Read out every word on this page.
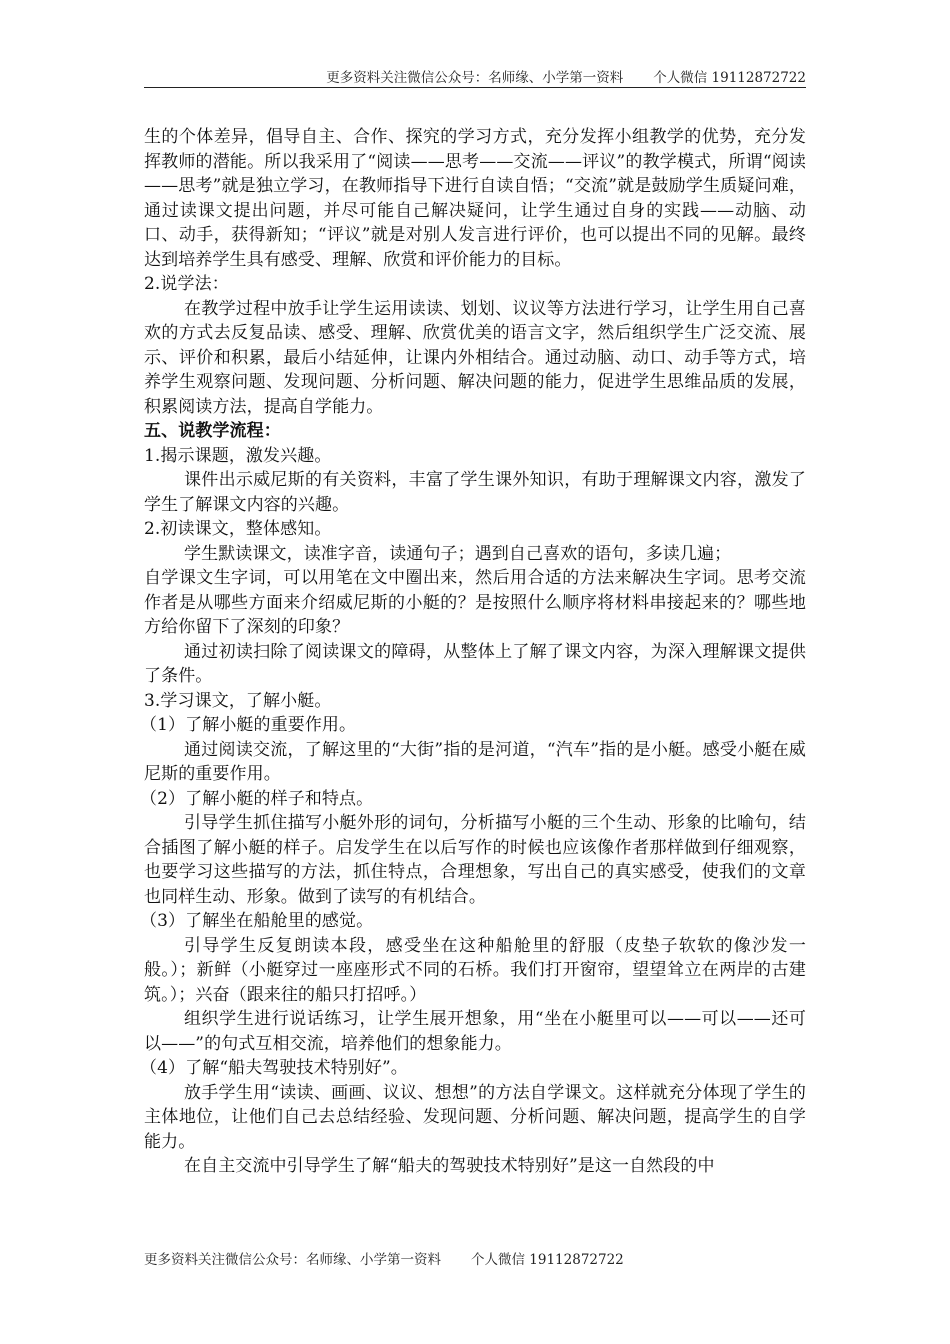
更多资料关注微信公众号：名师缘、小学第一资料 个人微信 19112872722

生的个体差异，倡导自主、合作、探究的学习方式，充分发挥小组教学的优势，充分发挥教师的潜能。所以我采用了“阅读——思考——交流——评议”的教学模式，所谓“阅读——思考”就是独立学习，在教师指导下进行自读自悟；“交流”就是鼓励学生质疑问难，通过读课文提出问题，并尽可能自己解决疑问，让学生通过自身的实践——动脑、动口、动手，获得新知；“评议”就是对别人发言进行评价，也可以提出不同的见解。最终达到培养学生具有感受、理解、欣赏和评价能力的目标。

2.说学法：

在教学过程中放手让学生运用读读、划划、议议等方法进行学习，让学生用自己喜欢的方式去反复品读、感受、理解、欣赏优美的语言文字，然后组织学生广泛交流、展示、评价和积累，最后小结延伸，让课内外相结合。通过动脑、动口、动手等方式，培养学生观察问题、发现问题、分析问题、解决问题的能力，促进学生思维品质的发展，积累阅读方法，提高自学能力。

五、说教学流程：

1.揭示课题，激发兴趣。

课件出示威尼斯的有关资料，丰富了学生课外知识，有助于理解课文内容，激发了学生了解课文内容的兴趣。

2.初读课文，整体感知。

学生默读课文，读准字音，读通句子；遇到自己喜欢的语句，多读几遍；

自学课文生字词，可以用笔在文中圈出来，然后用合适的方法来解决生字词。思考交流作者是从哪些方面来介绍威尼斯的小艇的？是按照什么顺序将材料串接起来的？哪些地方给你留下了深刻的印象？

通过初读扫除了阅读课文的障碍，从整体上了解了课文内容，为深入理解课文提供了条件。

3.学习课文，了解小艇。

（1）了解小艇的重要作用。

通过阅读交流，了解这里的“大街”指的是河道，“汽车”指的是小艇。感受小艇在威尼斯的重要作用。

（2）了解小艇的样子和特点。

引导学生抓住描写小艇外形的词句，分析描写小艇的三个生动、形象的比喻句，结合插图了解小艇的样子。启发学生在以后写作的时候也应该像作者那样做到仔细观察，也要学习这些描写的方法，抓住特点，合理想象，写出自己的真实感受，使我们的文章也同样生动、形象。做到了读写的有机结合。

（3）了解坐在船舱里的感觉。

引导学生反复朗读本段，感受坐在这种船舱里的舒服（皮垫子软软的像沙发一般。）；新鲜（小艇穿过一座座形式不同的石桥。我们打开窗帘，望望耸立在两岸的古建筑。）；兴奋（跟来往的船只打招呼。）

组织学生进行说话练习，让学生展开想象，用“坐在小艇里可以——可以——还可以——”的句式互相交流，培养他们的想象能力。

（4）了解“船夫驾驶技术特别好”。

放手学生用“读读、画画、议议、想想”的方法自学课文。这样就充分体现了学生的主体地位，让他们自己去总结经验、发现问题、分析问题、解决问题，提高学生的自学能力。

在自主交流中引导学生了解“船夫的驾驶技术特别好”是这一自然段的中

更多资料关注微信公众号：名师缘、小学第一资料 个人微信 19112872722
